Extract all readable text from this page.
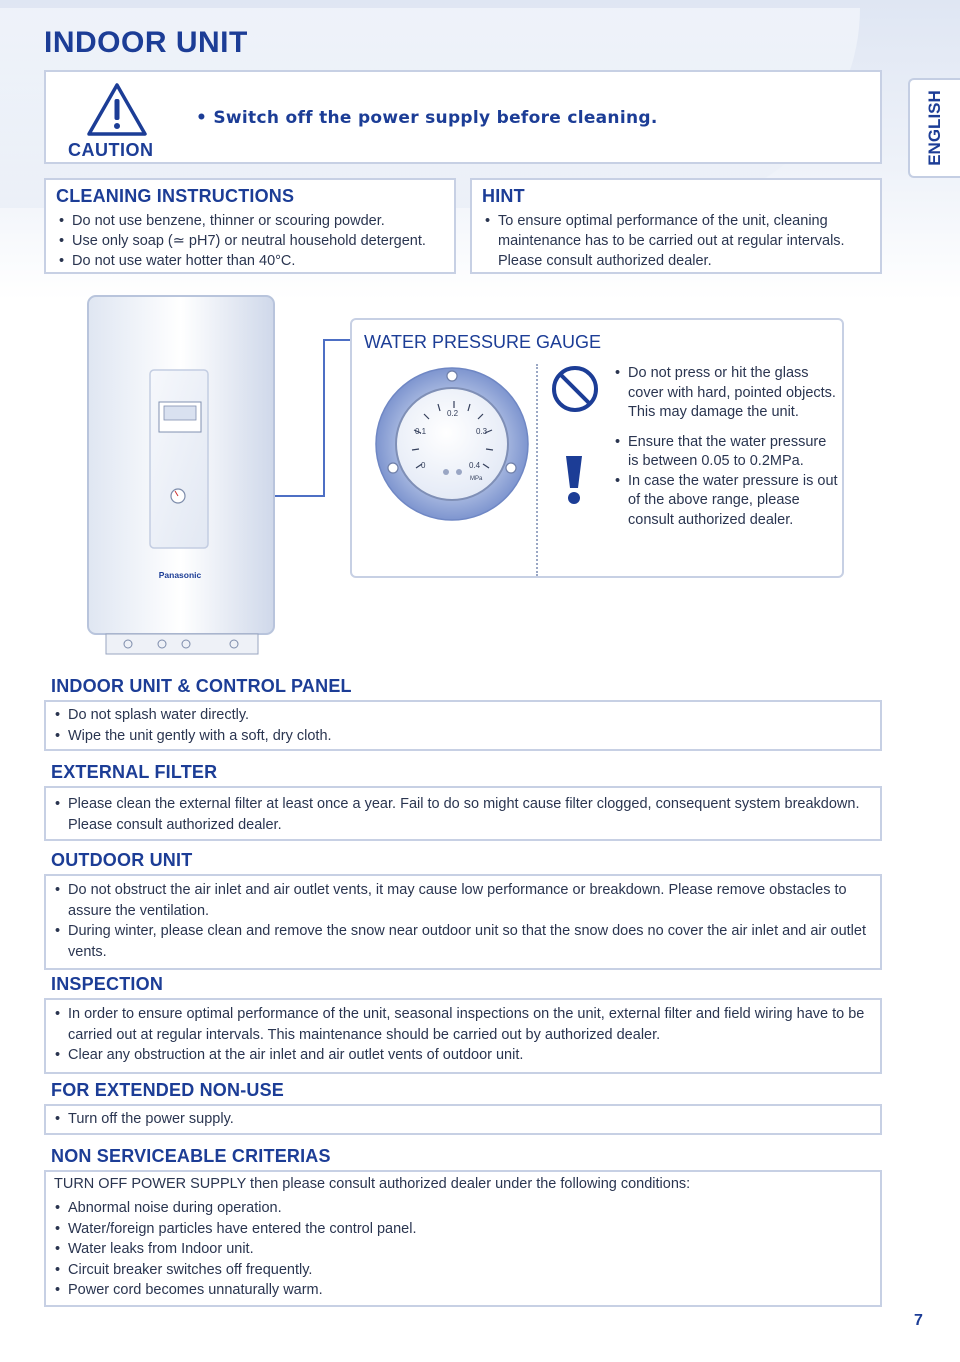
INDOOR UNIT
ENGLISH
CAUTION
• Switch off the power supply before cleaning.
CLEANING INSTRUCTIONS
• Do not use benzene, thinner or scouring powder.
• Use only soap (≃ pH7) or neutral household detergent.
• Do not use water hotter than 40°C.
HINT
• To ensure optimal performance of the unit, cleaning maintenance has to be carried out at regular intervals. Please consult authorized dealer.
Panasonic
WATER PRESSURE GAUGE
0
0.1
0.2
0.3
0.4
MPa
• Do not press or hit the glass cover with hard, pointed objects. This may damage the unit.
• Ensure that the water pressure is between 0.05 to 0.2MPa.
• In case the water pressure is out of the above range, please consult authorized dealer.
INDOOR UNIT & CONTROL PANEL
• Do not splash water directly.
• Wipe the unit gently with a soft, dry cloth.
EXTERNAL FILTER
• Please clean the external filter at least once a year. Fail to do so might cause filter clogged, consequent system breakdown. Please consult authorized dealer.
OUTDOOR UNIT
• Do not obstruct the air inlet and air outlet vents, it may cause low performance or breakdown. Please remove obstacles to assure the ventilation.
• During winter, please clean and remove the snow near outdoor unit so that the snow does no cover the air inlet and air outlet vents.
INSPECTION
• In order to ensure optimal performance of the unit, seasonal inspections on the unit, external filter and field wiring have to be carried out at regular intervals. This maintenance should be carried out by authorized dealer.
• Clear any obstruction at the air inlet and air outlet vents of outdoor unit.
FOR EXTENDED NON-USE
• Turn off the power supply.
NON SERVICEABLE CRITERIAS
TURN OFF POWER SUPPLY then please consult authorized dealer under the following conditions:
• Abnormal noise during operation.
• Water/foreign particles have entered the control panel.
• Water leaks from Indoor unit.
• Circuit breaker switches off frequently.
• Power cord becomes unnaturally warm.
7
